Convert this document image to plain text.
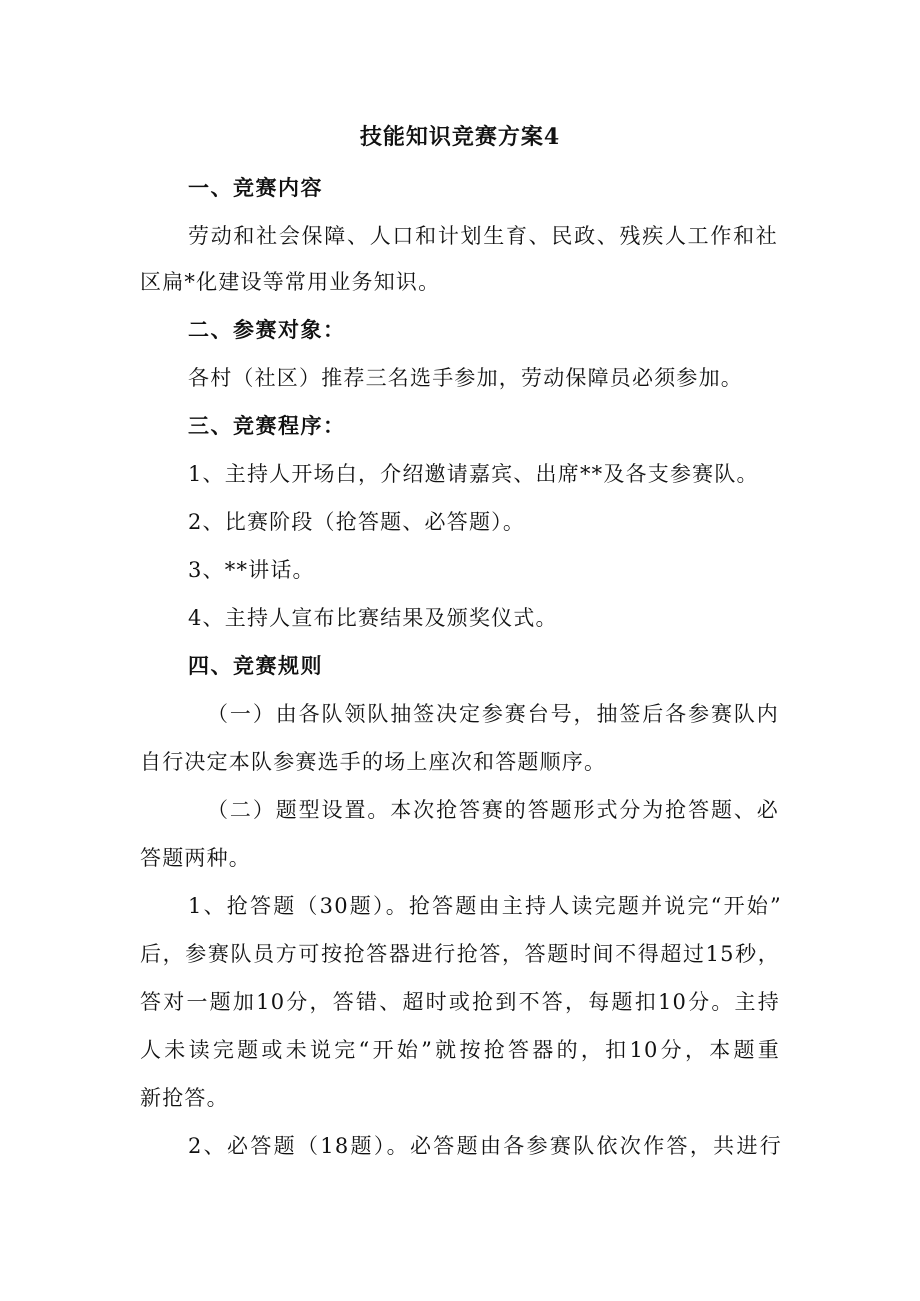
技能知识竞赛方案4
一、竞赛内容
劳动和社会保障、人口和计划生育、民政、残疾人工作和社
区扁*化建设等常用业务知识。
二、参赛对象：
各村（社区）推荐三名选手参加，劳动保障员必须参加。
三、竞赛程序：
1、主持人开场白，介绍邀请嘉宾、出席**及各支参赛队。
2、比赛阶段（抢答题、必答题）。
3、**讲话。
4、主持人宣布比赛结果及颁奖仪式。
四、竞赛规则
（一）由各队领队抽签决定参赛台号，抽签后各参赛队内
自行决定本队参赛选手的场上座次和答题顺序。
（二）题型设置。本次抢答赛的答题形式分为抢答题、必
答题两种。
1、抢答题（30题）。抢答题由主持人读完题并说完“开始”
后，参赛队员方可按抢答器进行抢答，答题时间不得超过15秒，
答对一题加10分，答错、超时或抢到不答，每题扣10分。主持
人未读完题或未说完“开始”就按抢答器的，扣10分，本题重
新抢答。
2、必答题（18题）。必答题由各参赛队依次作答，共进行
